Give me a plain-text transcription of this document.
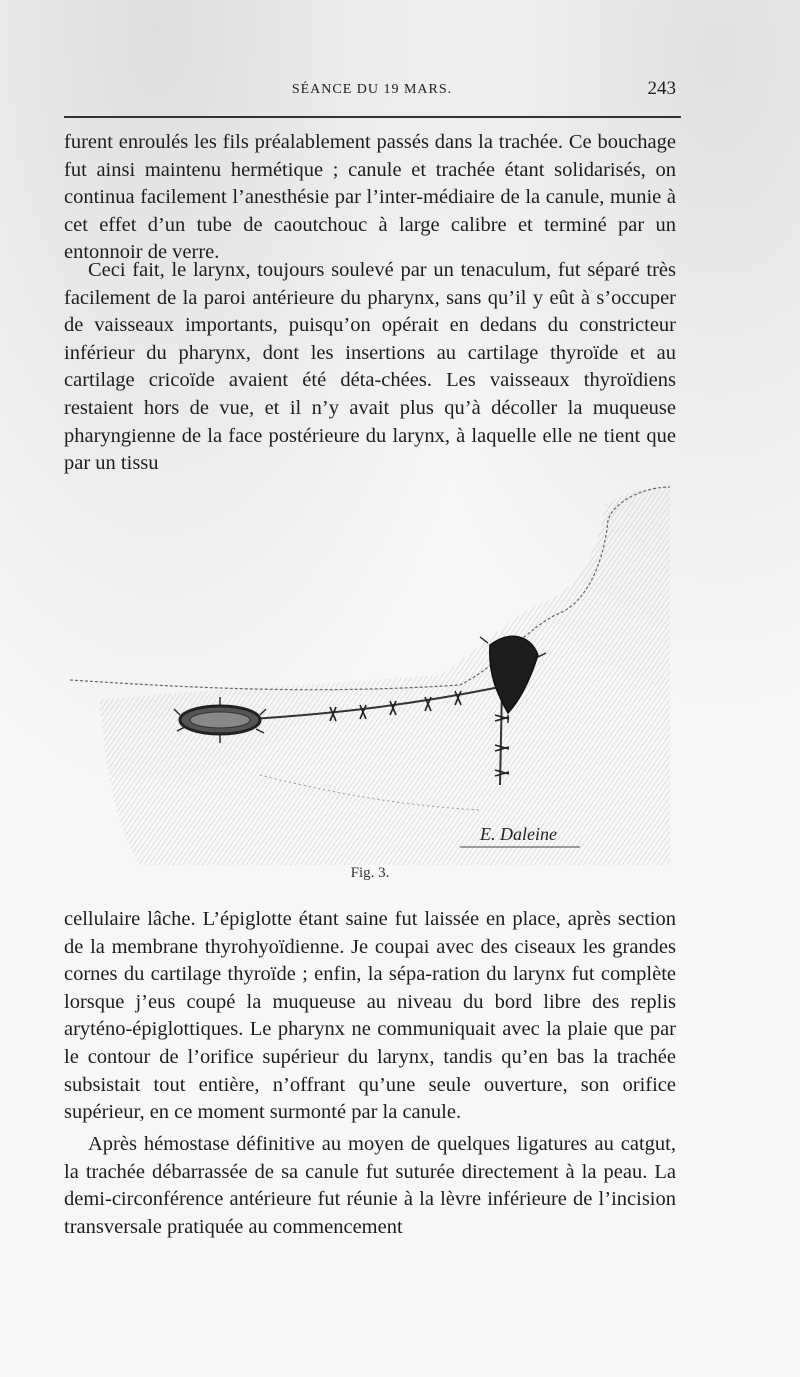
SÉANCE DU 19 MARS.	243

furent enroulés les fils préalablement passés dans la trachée. Ce bouchage fut ainsi maintenu hermétique ; canule et trachée étant solidarisés, on continua facilement l’anesthésie par l’inter-médiaire de la canule, munie à cet effet d’un tube de caoutchouc à large calibre et terminé par un entonnoir de verre.

Ceci fait, le larynx, toujours soulevé par un tenaculum, fut séparé très facilement de la paroi antérieure du pharynx, sans qu’il y eût à s’occuper de vaisseaux importants, puisqu’on opérait en dedans du constricteur inférieur du pharynx, dont les insertions au cartilage thyroïde et au cartilage cricoïde avaient été déta-chées. Les vaisseaux thyroïdiens restaient hors de vue, et il n’y avait plus qu’à décoller la muqueuse pharyngienne de la face postérieure du larynx, à laquelle elle ne tient que par un tissu

E. Daleine
Fig. 3.

cellulaire lâche. L’épiglotte étant saine fut laissée en place, après section de la membrane thyrohyoïdienne. Je coupai avec des ciseaux les grandes cornes du cartilage thyroïde ; enfin, la sépa-ration du larynx fut complète lorsque j’eus coupé la muqueuse au niveau du bord libre des replis aryténo-épiglottiques. Le pharynx ne communiquait avec la plaie que par le contour de l’orifice supérieur du larynx, tandis qu’en bas la trachée subsistait tout entière, n’offrant qu’une seule ouverture, son orifice supérieur, en ce moment surmonté par la canule.

Après hémostase définitive au moyen de quelques ligatures au catgut, la trachée débarrassée de sa canule fut suturée directement à la peau. La demi-circonférence antérieure fut réunie à la lèvre inférieure de l’incision transversale pratiquée au commencement
